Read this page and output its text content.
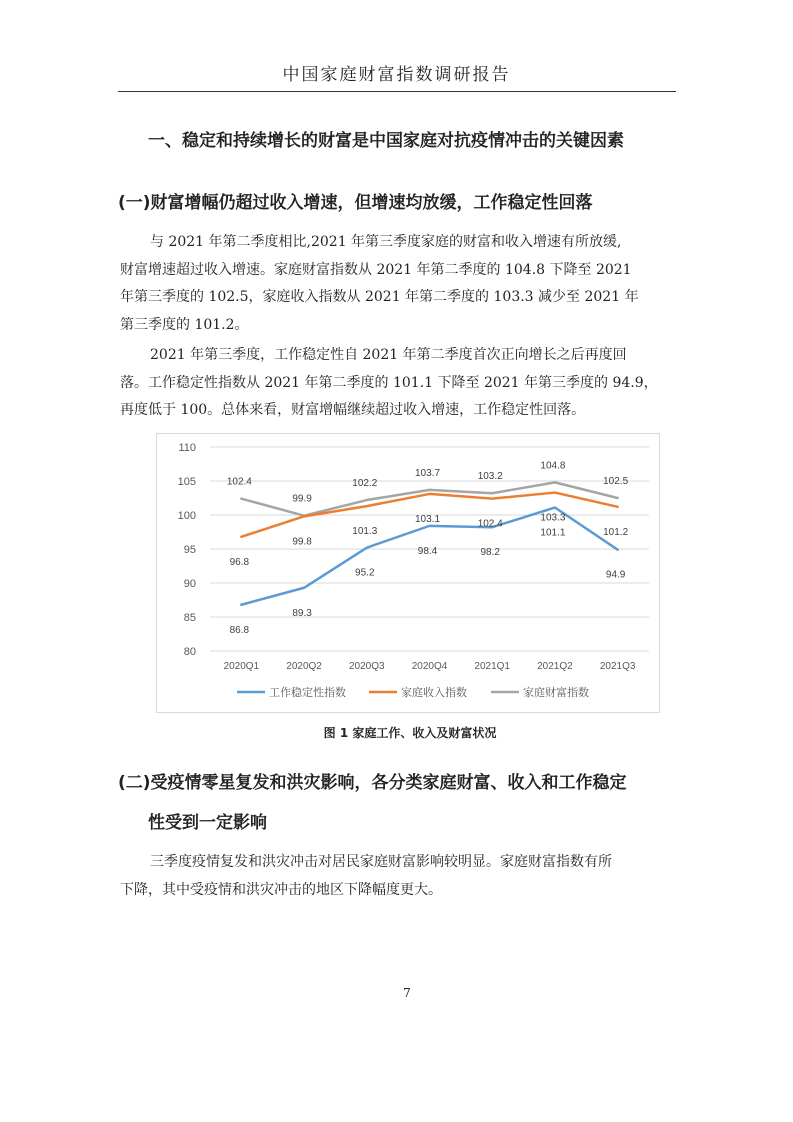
中国家庭财富指数调研报告
一、稳定和持续增长的财富是中国家庭对抗疫情冲击的关键因素
(一)财富增幅仍超过收入增速，但增速均放缓，工作稳定性回落
与 2021 年第二季度相比,2021 年第三季度家庭的财富和收入增速有所放缓,
财富增速超过收入增速。家庭财富指数从 2021 年第二季度的 104.8 下降至 2021
年第三季度的 102.5，家庭收入指数从 2021 年第二季度的 103.3 减少至 2021 年
第三季度的 101.2。
2021 年第三季度，工作稳定性自 2021 年第二季度首次正向增长之后再度回
落。工作稳定性指数从 2021 年第二季度的 101.1 下降至 2021 年第三季度的 94.9，
再度低于 100。总体来看，财富增幅继续超过收入增速，工作稳定性回落。
80
85
90
95
100
105
110
2020Q1	2020Q2	2020Q3	2020Q4	2021Q1	2021Q2	2021Q3
86.8
89.3
95.2
98.4	98.2
101.1
94.9
96.8
99.8
101.3
103.1	102.4
103.3
101.2
102.4
99.9
102.2
103.7	103.2
104.8
102.5
工作稳定性指数	家庭收入指数	家庭财富指数
图 1 家庭工作、收入及财富状况
(二)受疫情零星复发和洪灾影响，各分类家庭财富、收入和工作稳定
性受到一定影响
三季度疫情复发和洪灾冲击对居民家庭财富影响较明显。家庭财富指数有所
下降，其中受疫情和洪灾冲击的地区下降幅度更大。
7
